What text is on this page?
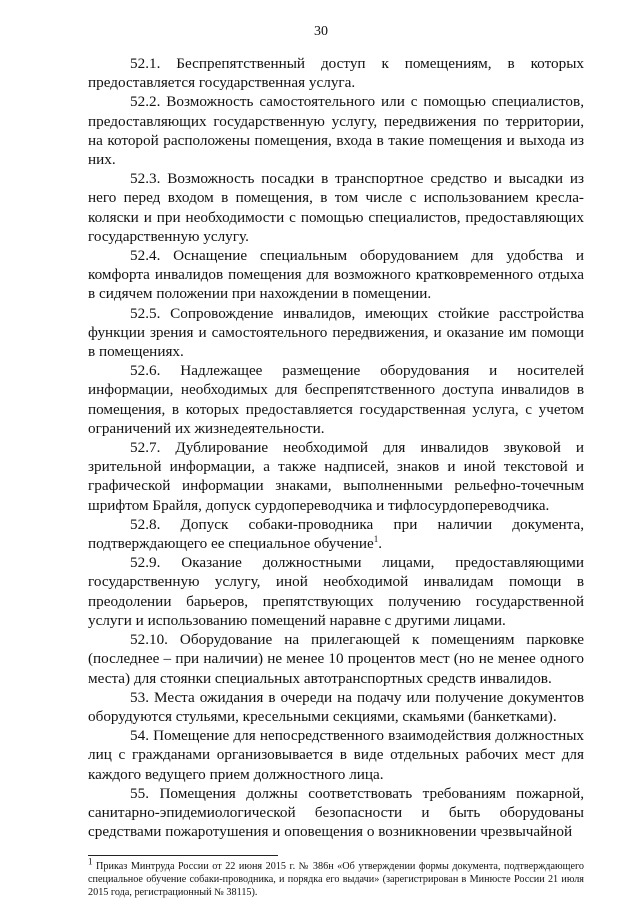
30

52.1. Беспрепятственный доступ к помещениям, в которых предоставляется государственная услуга.

52.2. Возможность самостоятельного или с помощью специалистов, предоставляющих государственную услугу, передвижения по территории, на которой расположены помещения, входа в такие помещения и выхода из них.

52.3. Возможность посадки в транспортное средство и высадки из него перед входом в помещения, в том числе с использованием кресла-коляски и при необходимости с помощью специалистов, предоставляющих государственную услугу.

52.4. Оснащение специальным оборудованием для удобства и комфорта инвалидов помещения для возможного кратковременного отдыха в сидячем положении при нахождении в помещении.

52.5. Сопровождение инвалидов, имеющих стойкие расстройства функции зрения и самостоятельного передвижения, и оказание им помощи в помещениях.

52.6. Надлежащее размещение оборудования и носителей информации, необходимых для беспрепятственного доступа инвалидов в помещения, в которых предоставляется государственная услуга, с учетом ограничений их жизнедеятельности.

52.7. Дублирование необходимой для инвалидов звуковой и зрительной информации, а также надписей, знаков и иной текстовой и графической информации знаками, выполненными рельефно-точечным шрифтом Брайля, допуск сурдопереводчика и тифлосурдопереводчика.

52.8. Допуск собаки-проводника при наличии документа, подтверждающего ее специальное обучение$^1$.

52.9. Оказание должностными лицами, предоставляющими государственную услугу, иной необходимой инвалидам помощи в преодолении барьеров, препятствующих получению государственной услуги и использованию помещений наравне с другими лицами.

52.10. Оборудование на прилегающей к помещениям парковке (последнее – при наличии) не менее 10 процентов мест (но не менее одного места) для стоянки специальных автотранспортных средств инвалидов.

53. Места ожидания в очереди на подачу или получение документов оборудуются стульями, кресельными секциями, скамьями (банкетками).

54. Помещение для непосредственного взаимодействия должностных лиц с гражданами организовывается в виде отдельных рабочих мест для каждого ведущего прием должностного лица.

55. Помещения должны соответствовать требованиям пожарной, санитарно-эпидемиологической безопасности и быть оборудованы средствами пожаротушения и оповещения о возникновении чрезвычайной

$^1$ Приказ Минтруда России от 22 июня 2015 г. № 386н «Об утверждении формы документа, подтверждающего специальное обучение собаки-проводника, и порядка его выдачи» (зарегистрирован в Минюсте России 21 июля 2015 года, регистрационный № 38115).
